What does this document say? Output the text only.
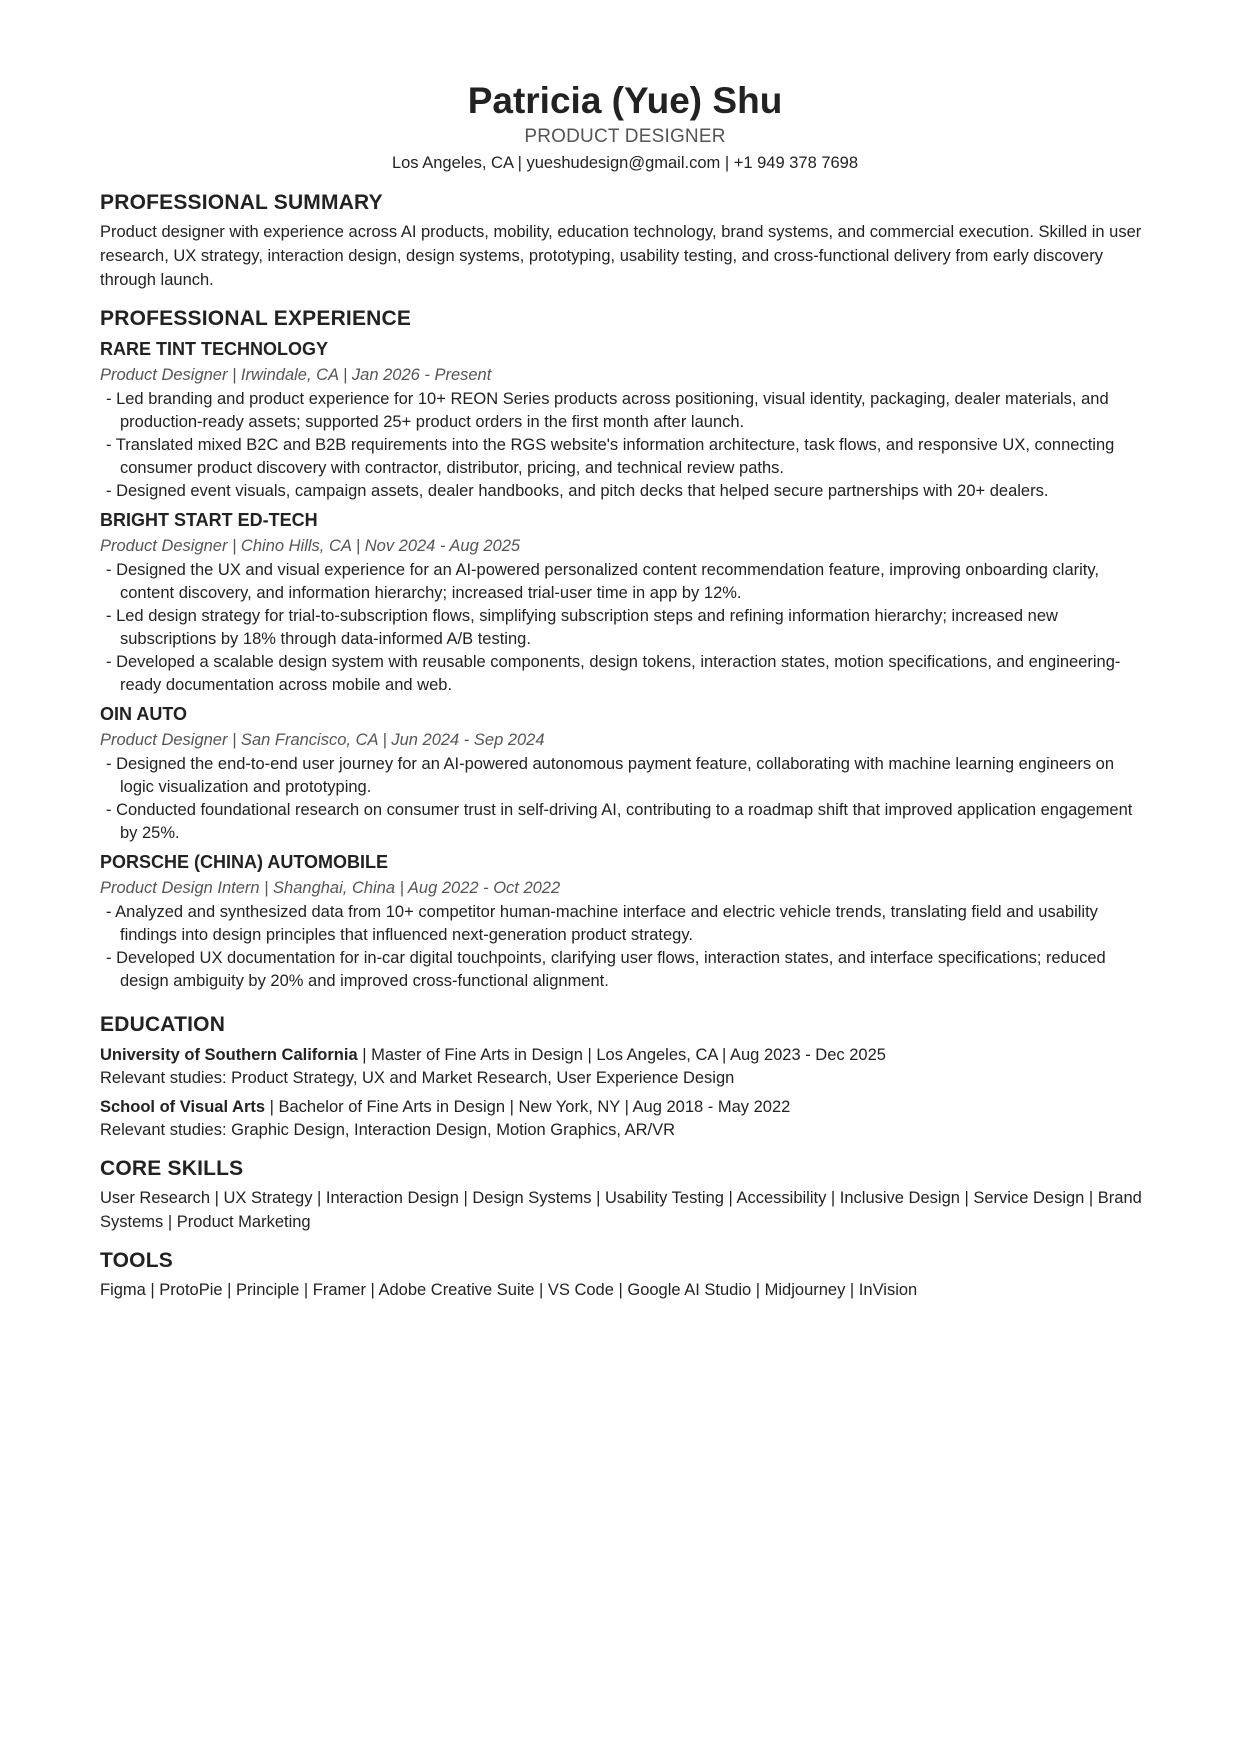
Patricia (Yue) Shu
PRODUCT DESIGNER
Los Angeles, CA | yueshudesign@gmail.com | +1 949 378 7698
PROFESSIONAL SUMMARY
Product designer with experience across AI products, mobility, education technology, brand systems, and commercial execution. Skilled in user research, UX strategy, interaction design, design systems, prototyping, usability testing, and cross-functional delivery from early discovery through launch.
PROFESSIONAL EXPERIENCE
RARE TINT TECHNOLOGY
Product Designer | Irwindale, CA | Jan 2026 - Present
- Led branding and product experience for 10+ REON Series products across positioning, visual identity, packaging, dealer materials, and production-ready assets; supported 25+ product orders in the first month after launch.
- Translated mixed B2C and B2B requirements into the RGS website's information architecture, task flows, and responsive UX, connecting consumer product discovery with contractor, distributor, pricing, and technical review paths.
- Designed event visuals, campaign assets, dealer handbooks, and pitch decks that helped secure partnerships with 20+ dealers.
BRIGHT START ED-TECH
Product Designer | Chino Hills, CA | Nov 2024 - Aug 2025
- Designed the UX and visual experience for an AI-powered personalized content recommendation feature, improving onboarding clarity, content discovery, and information hierarchy; increased trial-user time in app by 12%.
- Led design strategy for trial-to-subscription flows, simplifying subscription steps and refining information hierarchy; increased new subscriptions by 18% through data-informed A/B testing.
- Developed a scalable design system with reusable components, design tokens, interaction states, motion specifications, and engineering-ready documentation across mobile and web.
OIN AUTO
Product Designer | San Francisco, CA | Jun 2024 - Sep 2024
- Designed the end-to-end user journey for an AI-powered autonomous payment feature, collaborating with machine learning engineers on logic visualization and prototyping.
- Conducted foundational research on consumer trust in self-driving AI, contributing to a roadmap shift that improved application engagement by 25%.
PORSCHE (CHINA) AUTOMOBILE
Product Design Intern | Shanghai, China | Aug 2022 - Oct 2022
- Analyzed and synthesized data from 10+ competitor human-machine interface and electric vehicle trends, translating field and usability findings into design principles that influenced next-generation product strategy.
- Developed UX documentation for in-car digital touchpoints, clarifying user flows, interaction states, and interface specifications; reduced design ambiguity by 20% and improved cross-functional alignment.
EDUCATION
University of Southern California | Master of Fine Arts in Design | Los Angeles, CA | Aug 2023 - Dec 2025
Relevant studies: Product Strategy, UX and Market Research, User Experience Design
School of Visual Arts | Bachelor of Fine Arts in Design | New York, NY | Aug 2018 - May 2022
Relevant studies: Graphic Design, Interaction Design, Motion Graphics, AR/VR
CORE SKILLS
User Research | UX Strategy | Interaction Design | Design Systems | Usability Testing | Accessibility | Inclusive Design | Service Design | Brand Systems | Product Marketing
TOOLS
Figma | ProtoPie | Principle | Framer | Adobe Creative Suite | VS Code | Google AI Studio | Midjourney | InVision
